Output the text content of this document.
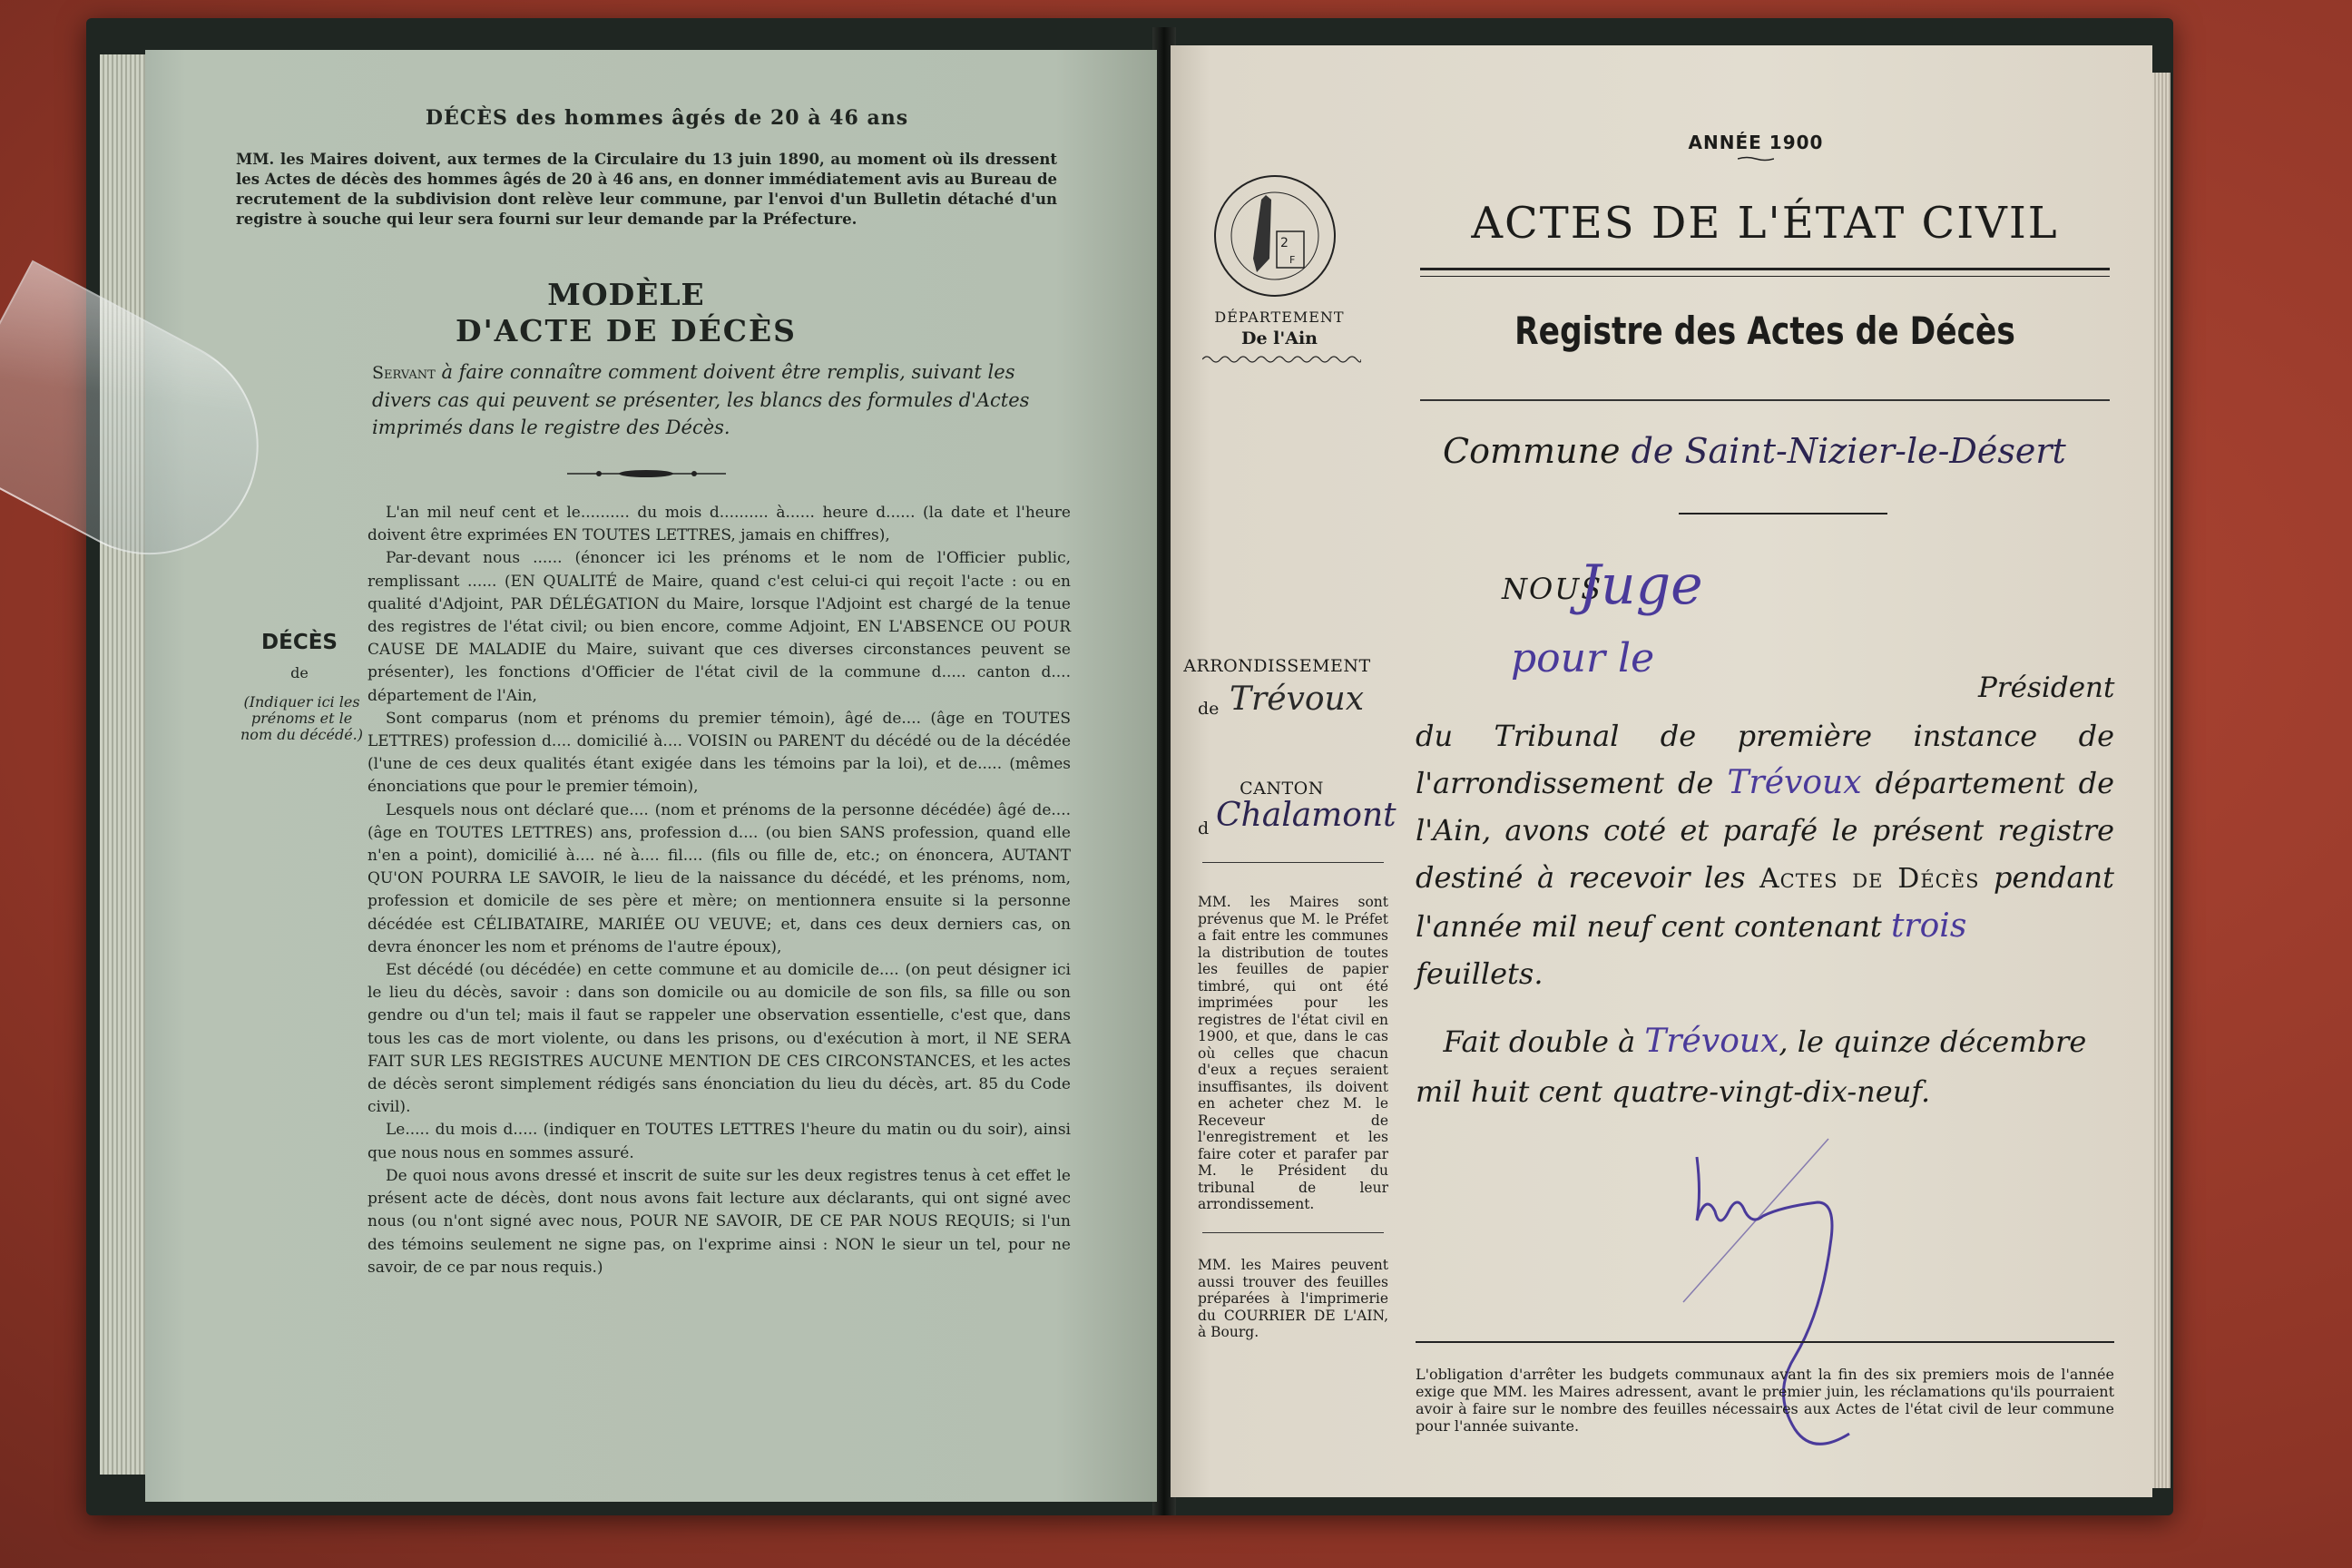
DÉCÈS des hommes âgés de 20 à 46 ans
MM. les Maires doivent, aux termes de la Circulaire du 13 juin 1890, au moment où ils dressent les Actes de décès des hommes âgés de 20 à 46 ans, en donner immédiatement avis au Bureau de recrutement de la subdivision dont relève leur commune, par l'envoi d'un Bulletin détaché d'un registre à souche qui leur sera fourni sur leur demande par la Préfecture.
MODÈLE
D'ACTE DE DÉCÈS
Servant à faire connaître comment doivent être remplis, suivant les divers cas qui peuvent se présenter, les blancs des formules d'Actes imprimés dans le registre des Décès.
DÉCÈS
de
(Indiquer ici les prénoms et le nom du décédé.)

L'an mil neuf cent et le.......... du mois d.......... à...... heure d...... (la date et l'heure doivent être exprimées EN TOUTES LETTRES, jamais en chiffres),

Par-devant nous ...... (énoncer ici les prénoms et le nom de l'Officier public, remplissant ...... (EN QUALITÉ de Maire, quand c'est celui-ci qui reçoit l'acte : ou en qualité d'Adjoint, PAR DÉLÉGATION du Maire, lorsque l'Adjoint est chargé de la tenue des registres de l'état civil; ou bien encore, comme Adjoint, EN L'ABSENCE OU POUR CAUSE DE MALADIE du Maire, suivant que ces diverses circonstances peuvent se présenter), les fonctions d'Officier de l'état civil de la commune d..... canton d.... département de l'Ain,

Sont comparus (nom et prénoms du premier témoin), âgé de.... (âge en TOUTES LETTRES) profession d.... domicilié à.... VOISIN ou PARENT du décédé ou de la décédée (l'une de ces deux qualités étant exigée dans les témoins par la loi), et de..... (mêmes énonciations que pour le premier témoin),

Lesquels nous ont déclaré que.... (nom et prénoms de la personne décédée) âgé de.... (âge en TOUTES LETTRES) ans, profession d.... (ou bien SANS profession, quand elle n'en a point), domicilié à.... né à.... fil.... (fils ou fille de, etc.; on énoncera, AUTANT QU'ON POURRA LE SAVOIR, le lieu de la naissance du décédé, et les prénoms, nom, profession et domicile de ses père et mère; on mentionnera ensuite si la personne décédée est CÉLIBATAIRE, MARIÉE OU VEUVE; et, dans ces deux derniers cas, on devra énoncer les nom et prénoms de l'autre époux),

Est décédé (ou décédée) en cette commune et au domicile de.... (on peut désigner ici le lieu du décès, savoir : dans son domicile ou au domicile de son fils, sa fille ou son gendre ou d'un tel; mais il faut se rappeler une observation essentielle, c'est que, dans tous les cas de mort violente, ou dans les prisons, ou d'exécution à mort, il NE SERA FAIT SUR LES REGISTRES AUCUNE MENTION DE CES CIRCONSTANCES, et les actes de décès seront simplement rédigés sans énonciation du lieu du décès, art. 85 du Code civil).

Le..... du mois d..... (indiquer en TOUTES LETTRES l'heure du matin ou du soir), ainsi que nous nous en sommes assuré.

De quoi nous avons dressé et inscrit de suite sur les deux registres tenus à cet effet le présent acte de décès, dont nous avons fait lecture aux déclarants, qui ont signé avec nous (ou n'ont signé avec nous, POUR NE SAVOIR, DE CE PAR NOUS REQUIS; si l'un des témoins seulement ne signe pas, on l'exprime ainsi : NON le sieur un tel, pour ne savoir, de ce par nous requis.)

ANNÉE 1900
2
F
DÉPARTEMENT
De l'Ain
ACTES DE L'ÉTAT CIVIL
Registre des Actes de Décès
Commune de Saint-Nizier-le-Désert
NOUS
Juge
pour le
Président
ARRONDISSEMENT
de Trévoux
CANTON
d Chalamont
MM. les Maires sont prévenus que M. le Préfet a fait entre les communes la distribution de toutes les feuilles de papier timbré, qui ont été imprimées pour les registres de l'état civil en 1900, et que, dans le cas où celles que chacun d'eux a reçues seraient insuffisantes, ils doivent en acheter chez M. le Receveur de l'enregistrement et les faire coter et parafer par M. le Président du tribunal de leur arrondissement.
MM. les Maires peuvent aussi trouver des feuilles préparées à l'imprimerie du COURRIER DE L'AIN, à Bourg.
du Tribunal de première instance de l'arrondissement de Trévoux département de l'Ain, avons coté et parafé le présent registre destiné à recevoir les Actes de Décès pendant l'année mil neuf cent contenant trois
feuillets.
Fait double à Trévoux, le quinze décembre mil huit cent quatre-vingt-dix-neuf.
L'obligation d'arrêter les budgets communaux avant la fin des six premiers mois de l'année exige que MM. les Maires adressent, avant le premier juin, les réclamations qu'ils pourraient avoir à faire sur le nombre des feuilles nécessaires aux Actes de l'état civil de leur commune pour l'année suivante.
